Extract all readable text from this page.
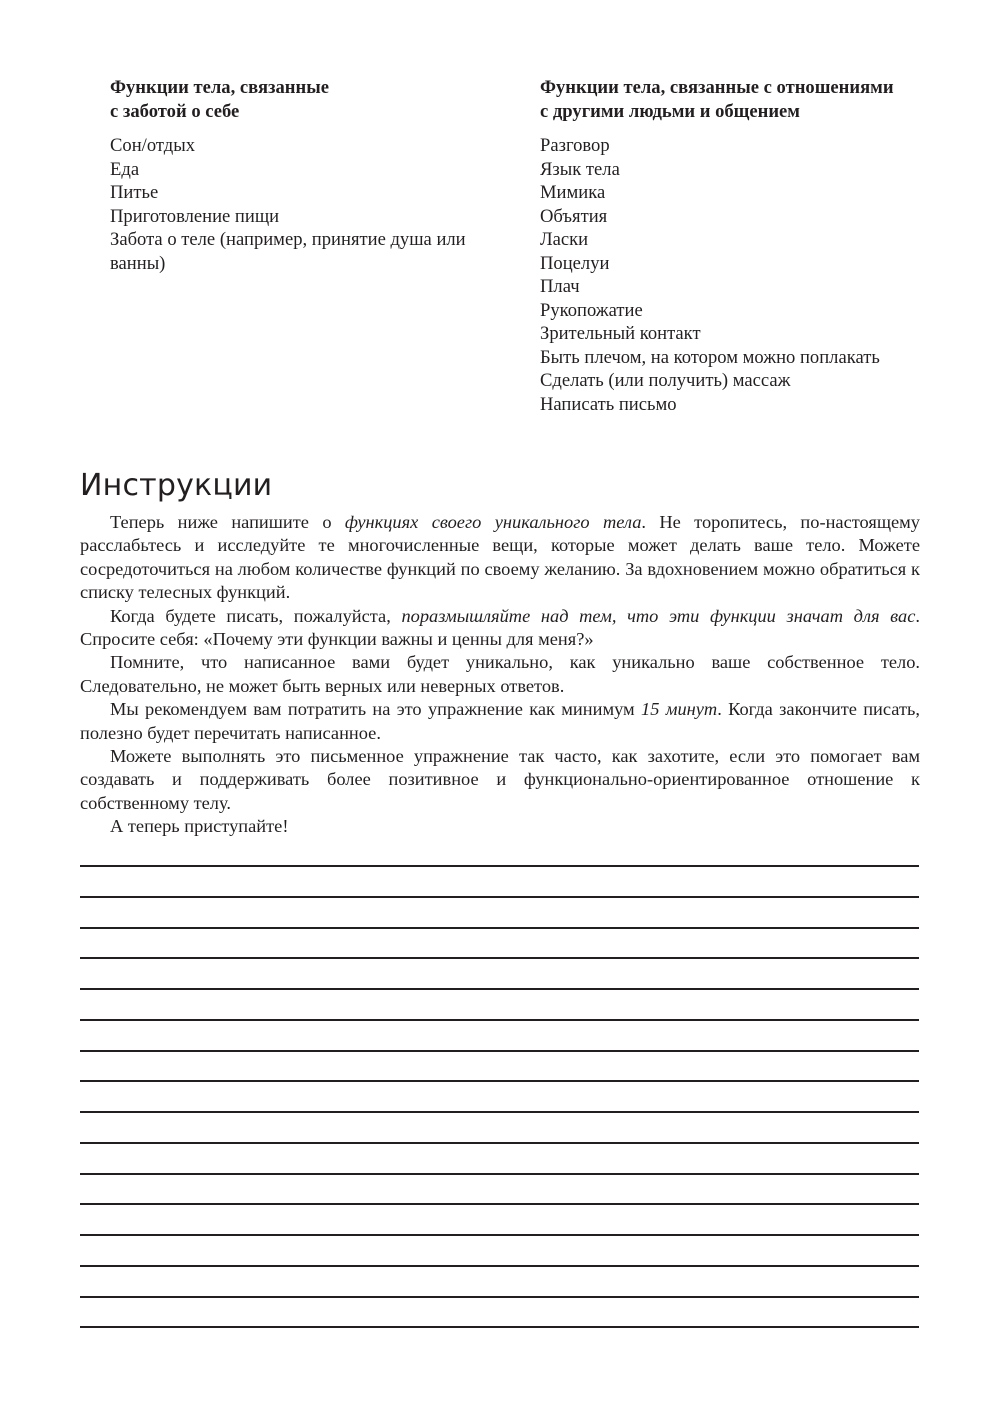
Функции тела, связанные
с заботой о себе
Сон/отдых
Еда
Питье
Приготовление пищи
Забота о теле (например, принятие душа или ванны)
Функции тела, связанные с отношениями
с другими людьми и общением
Разговор
Язык тела
Мимика
Объятия
Ласки
Поцелуи
Плач
Рукопожатие
Зрительный контакт
Быть плечом, на котором можно поплакать
Сделать (или получить) массаж
Написать письмо
Инструкции

Теперь ниже напишите о функциях своего уникального тела. Не торопитесь, по-настоящему расслабьтесь и исследуйте те многочисленные вещи, которые может делать ваше тело. Можете сосредоточиться на любом количестве функций по своему желанию. За вдохновением можно обратиться к списку телесных функций.

Когда будете писать, пожалуйста, поразмышляйте над тем, что эти функции значат для вас. Спросите себя: «Почему эти функции важны и ценны для меня?»

Помните, что написанное вами будет уникально, как уникально ваше собственное тело. Следовательно, не может быть верных или неверных ответов.

Мы рекомендуем вам потратить на это упражнение как минимум 15 минут. Когда закончите писать, полезно будет перечитать написанное.

Можете выполнять это письменное упражнение так часто, как захотите, если это помогает вам создавать и поддерживать более позитивное и функционально-ориентированное отношение к собственному телу.

А теперь приступайте!
